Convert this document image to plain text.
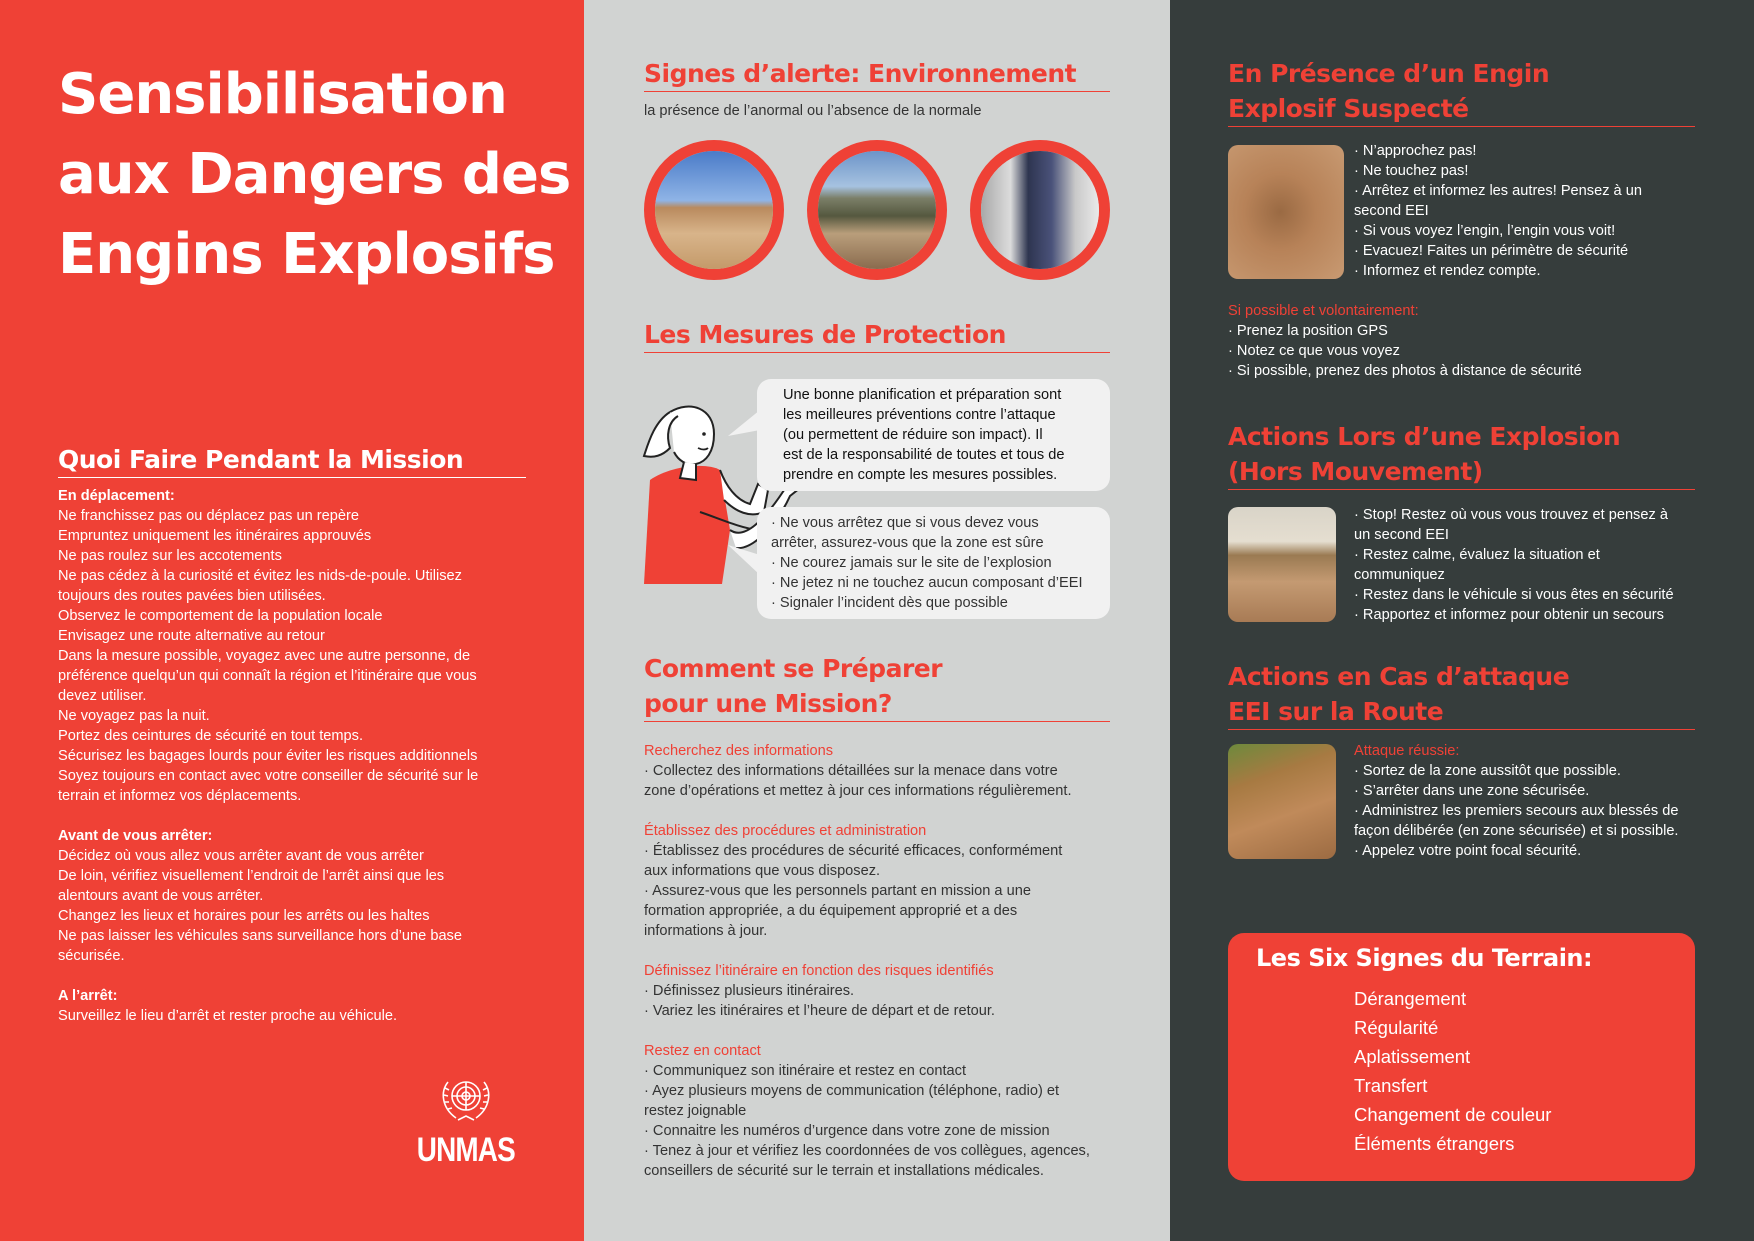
Sensibilisation
aux Dangers des
Engins Explosifs
Quoi Faire Pendant la Mission
En déplacement:
Ne franchissez pas ou déplacez pas un repère
Empruntez uniquement les itinéraires approuvés
Ne pas roulez sur les accotements
Ne pas cédez à la curiosité et évitez les nids-de-poule. Utilisez
toujours des routes pavées bien utilisées.
Observez le comportement de la population locale
Envisagez une route alternative au retour
Dans la mesure possible, voyagez avec une autre personne, de
préférence quelqu’un qui connaît la région et l’itinéraire que vous
devez utiliser.
Ne voyagez pas la nuit.
Portez des ceintures de sécurité en tout temps.
Sécurisez les bagages lourds pour éviter les risques additionnels
Soyez toujours en contact avec votre conseiller de sécurité sur le
terrain et informez vos déplacements.
Avant de vous arrêter:
Décidez où vous allez vous arrêter avant de vous arrêter
De loin, vérifiez visuellement l’endroit de l’arrêt ainsi que les
alentours avant de vous arrêter.
Changez les lieux et horaires pour les arrêts ou les haltes
Ne pas laisser les véhicules sans surveillance hors d’une base
sécurisée.
A l’arrêt:
Surveillez le lieu d’arrêt et rester proche au véhicule.
UNMAS
Signes d’alerte: Environnement
la présence de l’anormal ou l’absence de la normale
Les Mesures de Protection
Une bonne planification et préparation sont
les meilleures préventions contre l’attaque
(ou permettent de réduire son impact). Il
est de la responsabilité de toutes et tous de
prendre en compte les mesures possibles.
· Ne vous arrêtez que si vous devez vous
arrêter, assurez-vous que la zone est sûre
· Ne courez jamais sur le site de l’explosion
· Ne jetez ni ne touchez aucun composant d’EEI
· Signaler l’incident dès que possible
Comment se Préparer
pour une Mission?
Recherchez des informations
· Collectez des informations détaillées sur la menace dans votre
zone d’opérations et mettez à jour ces informations régulièrement.
Établissez des procédures et administration
· Établissez des procédures de sécurité efficaces, conformément
aux informations que vous disposez.
· Assurez-vous que les personnels partant en mission a une
formation appropriée, a du équipement approprié et a des
informations à jour.
Définissez l’itinéraire en fonction des risques identifiés
· Définissez plusieurs itinéraires.
· Variez les itinéraires et l’heure de départ et de retour.
Restez en contact
· Communiquez son itinéraire et restez en contact
· Ayez plusieurs moyens de communication (téléphone, radio) et
restez joignable
· Connaitre les numéros d’urgence dans votre zone de mission
· Tenez à jour et vérifiez les coordonnées de vos collègues, agences,
conseillers de sécurité sur le terrain et installations médicales.
En Présence d’un Engin
Explosif Suspecté
· N’approchez pas!
· Ne touchez pas!
· Arrêtez et informez les autres! Pensez à un
second EEI
· Si vous voyez l’engin, l’engin vous voit!
· Evacuez! Faites un périmètre de sécurité
· Informez et rendez compte.
Si possible et volontairement:
· Prenez la position GPS
· Notez ce que vous voyez
· Si possible, prenez des photos à distance de sécurité
Actions Lors d’une Explosion
(Hors Mouvement)
· Stop! Restez où vous vous trouvez et pensez à
un second EEI
· Restez calme, évaluez la situation et
communiquez
· Restez dans le véhicule si vous êtes en sécurité
· Rapportez et informez pour obtenir un secours
Actions en Cas d’attaque
EEI sur la Route
Attaque réussie:
· Sortez de la zone aussitôt que possible.
· S’arrêter dans une zone sécurisée.
· Administrez les premiers secours aux blessés de
façon délibérée (en zone sécurisée) et si possible.
· Appelez votre point focal sécurité.
Les Six Signes du Terrain:
Dérangement
Régularité
Aplatissement
Transfert
Changement de couleur
Éléments étrangers
